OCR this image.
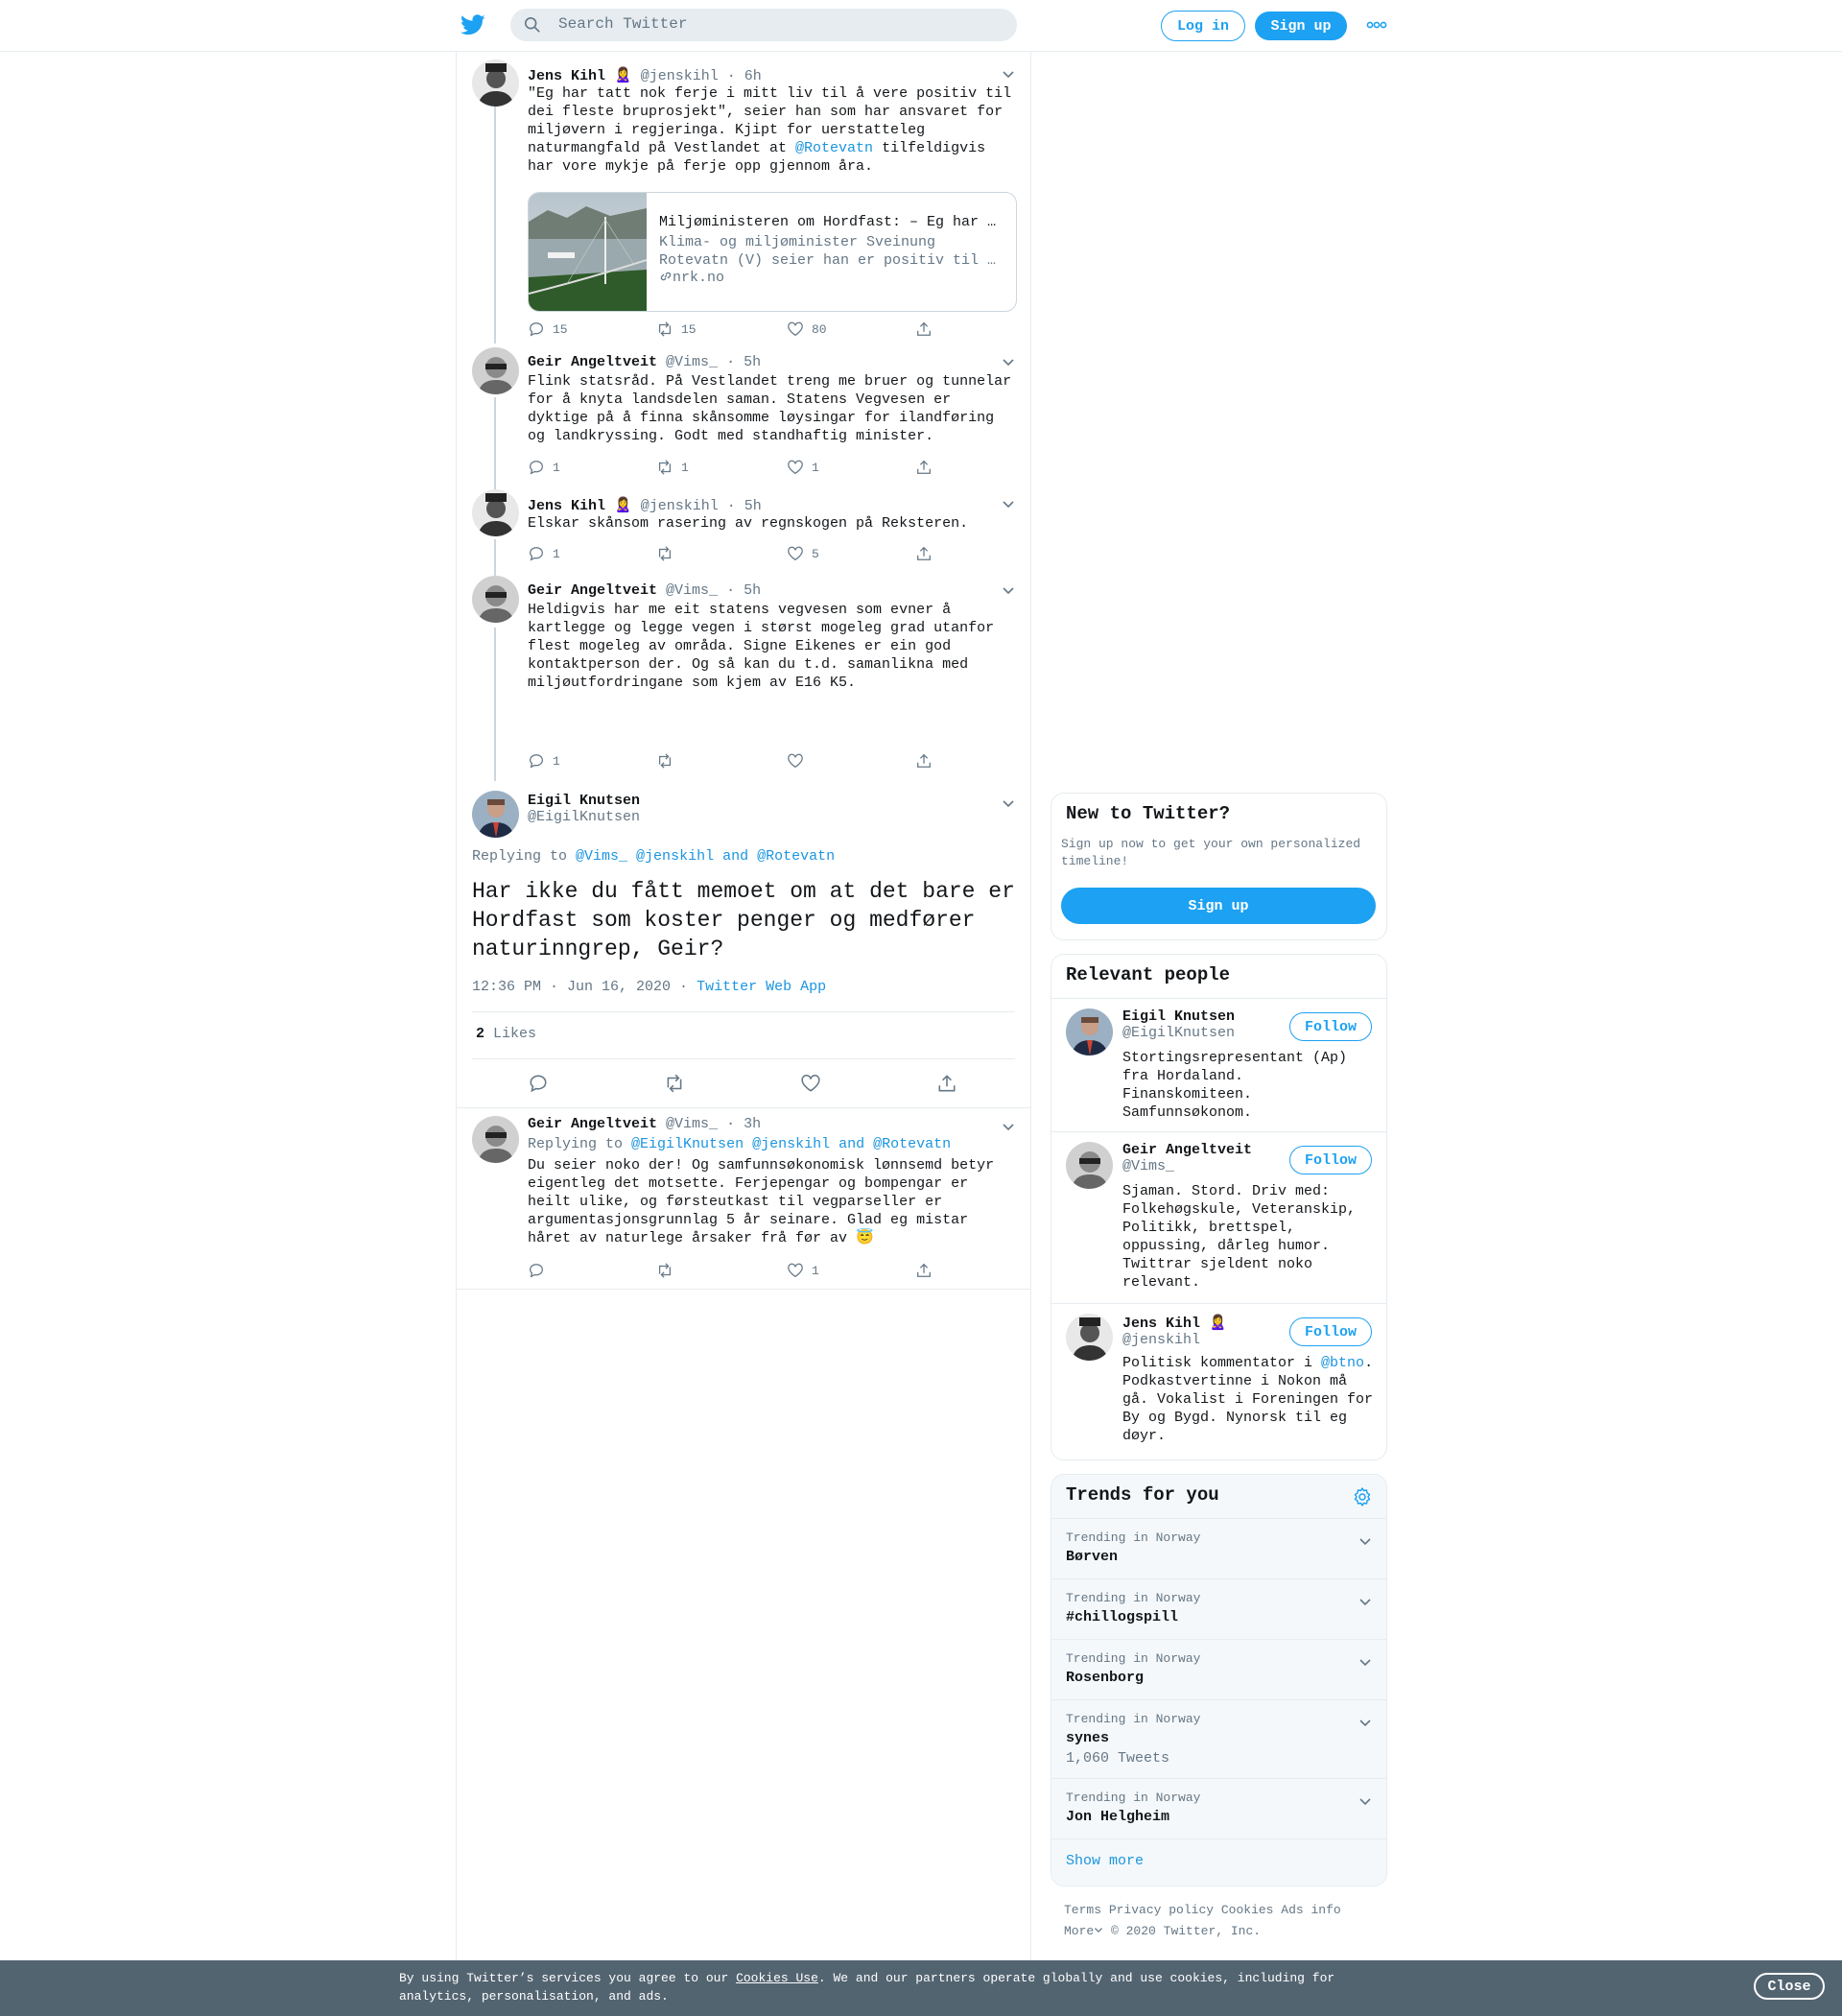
Search Twitter	Log in	Sign up
Jens Kihl 🙎‍♀️ @jenskihl · 6h
"Eg har tatt nok ferje i mitt liv til å vere positiv til dei fleste bruprosjekt", seier han som har ansvaret for miljøvern i regjeringa. Kjipt for uerstatteleg naturmangfald på Vestlandet at @Rotevatn tilfeldigvis har vore mykje på ferje opp gjennom åra.
Miljøministeren om Hordfast: – Eg har t…
Klima- og miljøminister Sveinung Rotevatn (V) seier han er positiv til …
nrk.no
15	15	80
Geir Angeltveit @Vims_ · 5h
Flink statsråd. På Vestlandet treng me bruer og tunnelar for å knyta landsdelen saman. Statens Vegvesen er dyktige på å finna skånsomme løysingar for ilandføring og landkryssing. Godt med standhaftig minister.
1	1	1
Jens Kihl 🙎‍♀️ @jenskihl · 5h
Elskar skånsom rasering av regnskogen på Reksteren.
1	5
Geir Angeltveit @Vims_ · 5h
Heldigvis har me eit statens vegvesen som evner å kartlegge og legge vegen i størst mogeleg grad utanfor flest mogeleg av områda. Signe Eikenes er ein god kontaktperson der. Og så kan du t.d. samanlikna med miljøutfordringane som kjem av E16 K5.
1
Eigil Knutsen
@EigilKnutsen
Replying to @Vims_ @jenskihl and @Rotevatn
Har ikke du fått memoet om at det bare er Hordfast som koster penger og medfører naturinngrep, Geir?
12:36 PM · Jun 16, 2020 · Twitter Web App
2 Likes
Geir Angeltveit @Vims_ · 3h
Replying to @EigilKnutsen @jenskihl and @Rotevatn
Du seier noko der! Og samfunnsøkonomisk lønnsemd betyr eigentleg det motsette. Ferjepengar og bompengar er heilt ulike, og førsteutkast til vegparseller er argumentasjonsgrunnlag 5 år seinare. Glad eg mistar håret av naturlege årsaker frå før av 😇
1
New to Twitter?
Sign up now to get your own personalized timeline!
Sign up
Relevant people
Eigil Knutsen
@EigilKnutsen	Follow
Stortingsrepresentant (Ap) fra Hordaland. Finanskomiteen. Samfunnsøkonom.
Geir Angeltveit
@Vims_	Follow
Sjaman. Stord. Driv med: Folkehøgskule, Veteranskip, Politikk, brettspel, oppussing, dårleg humor. Twittrar sjeldent noko relevant.
Jens Kihl 🙎‍♀️
@jenskihl	Follow
Politisk kommentator i @btno. Podkastvertinne i Nokon må gå. Vokalist i Foreningen for By og Bygd. Nynorsk til eg døyr.
Trends for you
Trending in Norway
Børven
Trending in Norway
#chillogspill
Trending in Norway
Rosenborg
Trending in Norway
synes
1,060 Tweets
Trending in Norway
Jon Helgheim
Show more
Terms Privacy policy Cookies Ads info
More © 2020 Twitter, Inc.
By using Twitter’s services you agree to our Cookies Use. We and our partners operate globally and use cookies, including for analytics, personalisation, and ads.
Close
